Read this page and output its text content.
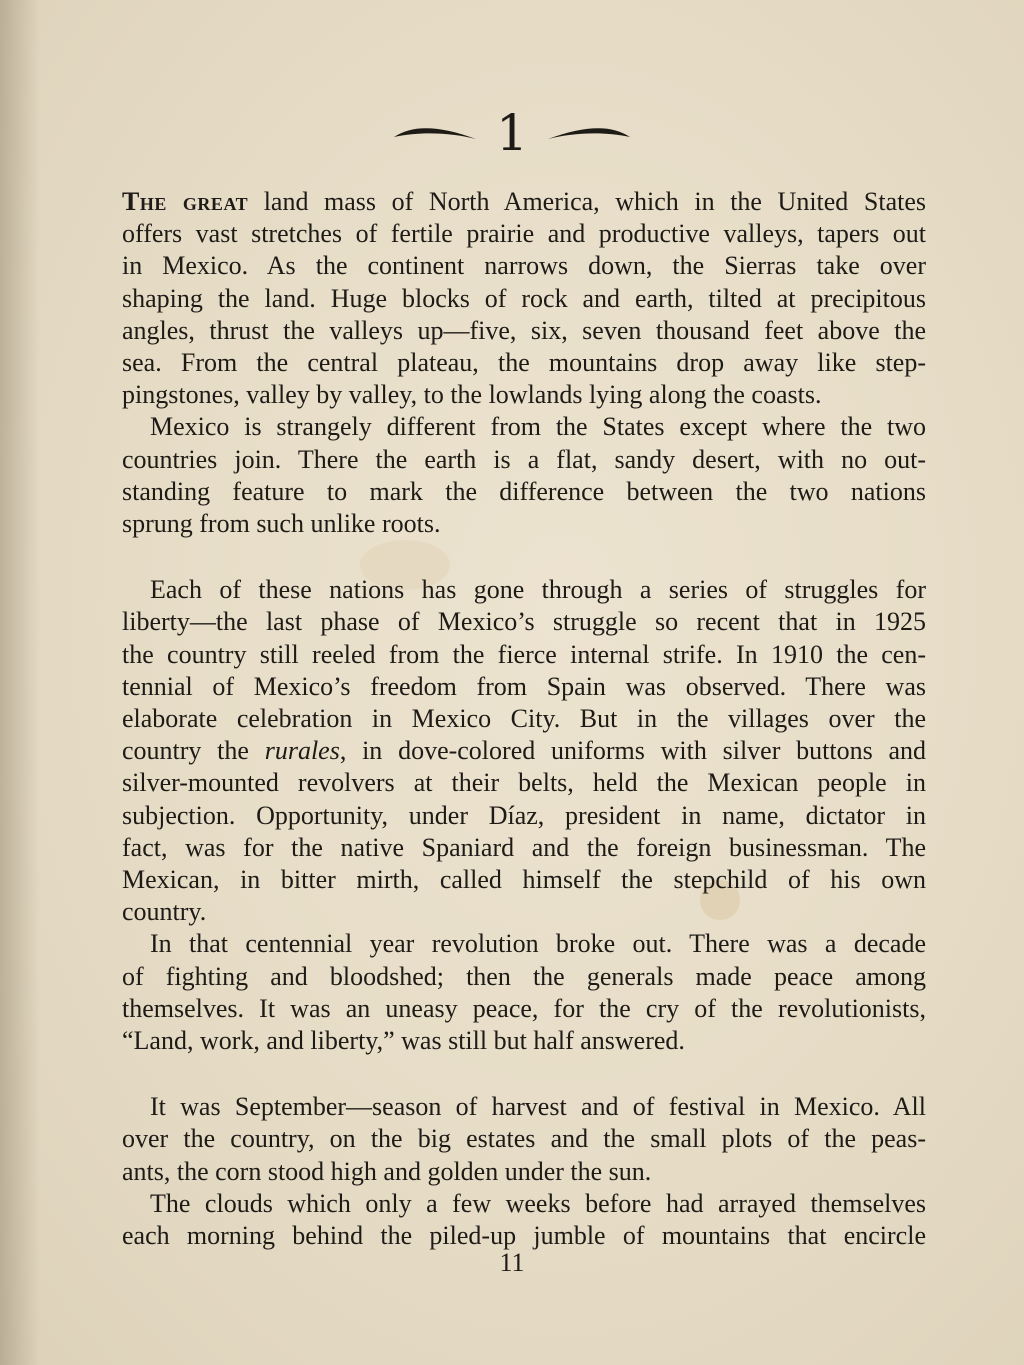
1
The great land mass of North America, which in the United States
offers vast stretches of fertile prairie and productive valleys, tapers out
in Mexico. As the continent narrows down, the Sierras take over
shaping the land. Huge blocks of rock and earth, tilted at precipitous
angles, thrust the valleys up—five, six, seven thousand feet above the
sea. From the central plateau, the mountains drop away like step-
pingstones, valley by valley, to the lowlands lying along the coasts.
Mexico is strangely different from the States except where the two
countries join. There the earth is a flat, sandy desert, with no out-
standing feature to mark the difference between the two nations
sprung from such unlike roots.
Each of these nations has gone through a series of struggles for
liberty—the last phase of Mexico’s struggle so recent that in 1925
the country still reeled from the fierce internal strife. In 1910 the cen-
tennial of Mexico’s freedom from Spain was observed. There was
elaborate celebration in Mexico City. But in the villages over the
country the rurales, in dove-colored uniforms with silver buttons and
silver-mounted revolvers at their belts, held the Mexican people in
subjection. Opportunity, under Díaz, president in name, dictator in
fact, was for the native Spaniard and the foreign businessman. The
Mexican, in bitter mirth, called himself the stepchild of his own
country.
In that centennial year revolution broke out. There was a decade
of fighting and bloodshed; then the generals made peace among
themselves. It was an uneasy peace, for the cry of the revolutionists,
“Land, work, and liberty,” was still but half answered.
It was September—season of harvest and of festival in Mexico. All
over the country, on the big estates and the small plots of the peas-
ants, the corn stood high and golden under the sun.
The clouds which only a few weeks before had arrayed themselves
each morning behind the piled-up jumble of mountains that encircle
11
